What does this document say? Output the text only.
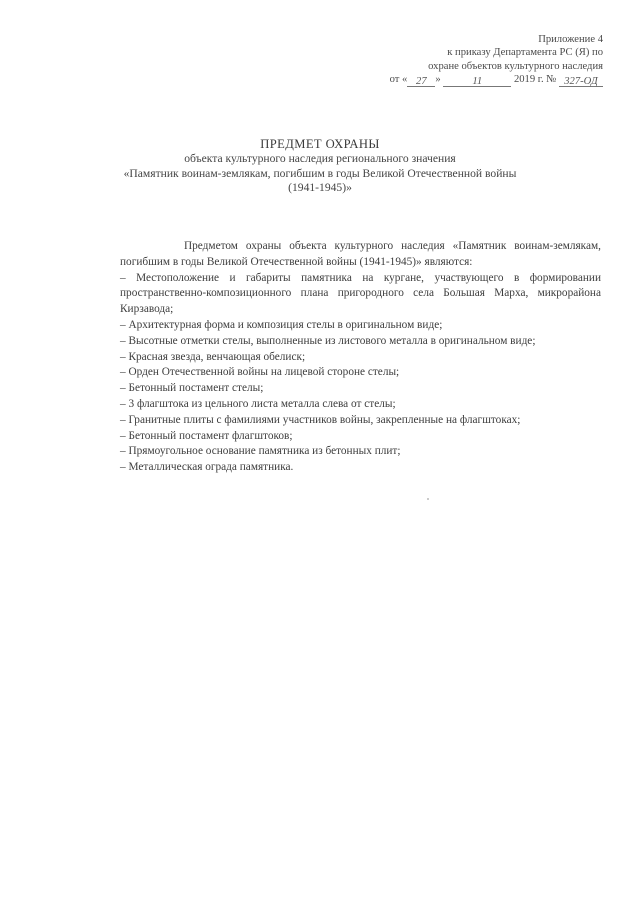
Приложение 4
к приказу Департамента РС (Я) по
охране объектов культурного наследия
от « 27 »	11	2019 г. № 327-ОД
ПРЕДМЕТ ОХРАНЫ
объекта культурного наследия регионального значения
«Памятник воинам-землякам, погибшим в годы Великой Отечественной войны
(1941-1945)»
Предметом охраны объекта культурного наследия «Памятник воинам-землякам, погибшим в годы Великой Отечественной войны (1941-1945)» являются:
– Местоположение и габариты памятника на кургане, участвующего в формировании пространственно-композиционного плана пригородного села Большая Марха, микрорайона Кирзавода;
– Архитектурная форма и композиция стелы в оригинальном виде;
– Высотные отметки стелы, выполненные из листового металла в оригинальном виде;
– Красная звезда, венчающая обелиск;
– Орден Отечественной войны на лицевой стороне стелы;
– Бетонный постамент стелы;
– 3 флагштока из цельного листа металла слева от стелы;
– Гранитные плиты с фамилиями участников войны, закрепленные на флагштоках;
– Бетонный постамент флагштоков;
– Прямоугольное основание памятника из бетонных плит;
– Металлическая ограда памятника.
